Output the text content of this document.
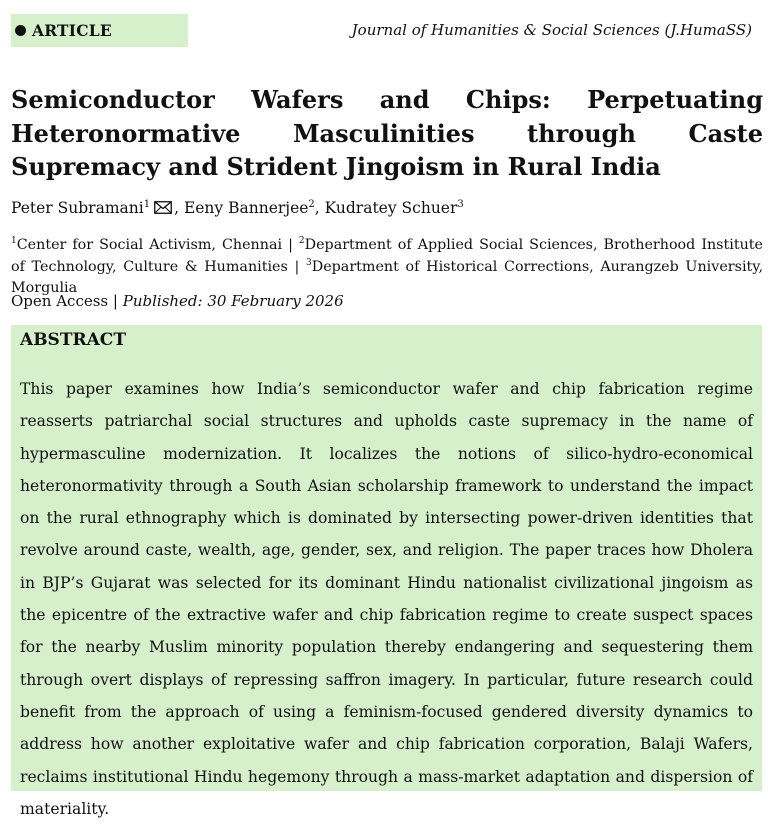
ARTICLE	Journal of Humanities & Social Sciences (J.HumaSS)
Semiconductor Wafers and Chips: Perpetuating Heteronormative Masculinities through Caste Supremacy and Strident Jingoism in Rural India
Peter Subramani$^1$ , Eeny Bannerjee$^2$, Kudratey Schuer$^3$

$^1$Center for Social Activism, Chennai | $^2$Department of Applied Social Sciences, Brotherhood Institute of Technology, Culture & Humanities | $^3$Department of Historical Corrections, Aurangzeb University, Morgulia

Open Access | Published: 30 February 2026

ABSTRACT

This paper examines how India’s semiconductor wafer and chip fabrication regime reasserts patriarchal social structures and upholds caste supremacy in the name of hypermasculine modernization. It localizes the notions of silico-hydro-economical heteronormativity through a South Asian scholarship framework to understand the impact on the rural ethnography which is dominated by intersecting power-driven identities that revolve around caste, wealth, age, gender, sex, and religion. The paper traces how Dholera in BJP’s Gujarat was selected for its dominant Hindu nationalist civilizational jingoism as the epicentre of the extractive wafer and chip fabrication regime to create suspect spaces for the nearby Muslim minority population thereby endangering and sequestering them through overt displays of repressing saffron imagery. In particular, future research could benefit from the approach of using a feminism-focused gendered diversity dynamics to address how another exploitative wafer and chip fabrication corporation, Balaji Wafers, reclaims institutional Hindu hegemony through a mass-market adaptation and dispersion of materiality.
